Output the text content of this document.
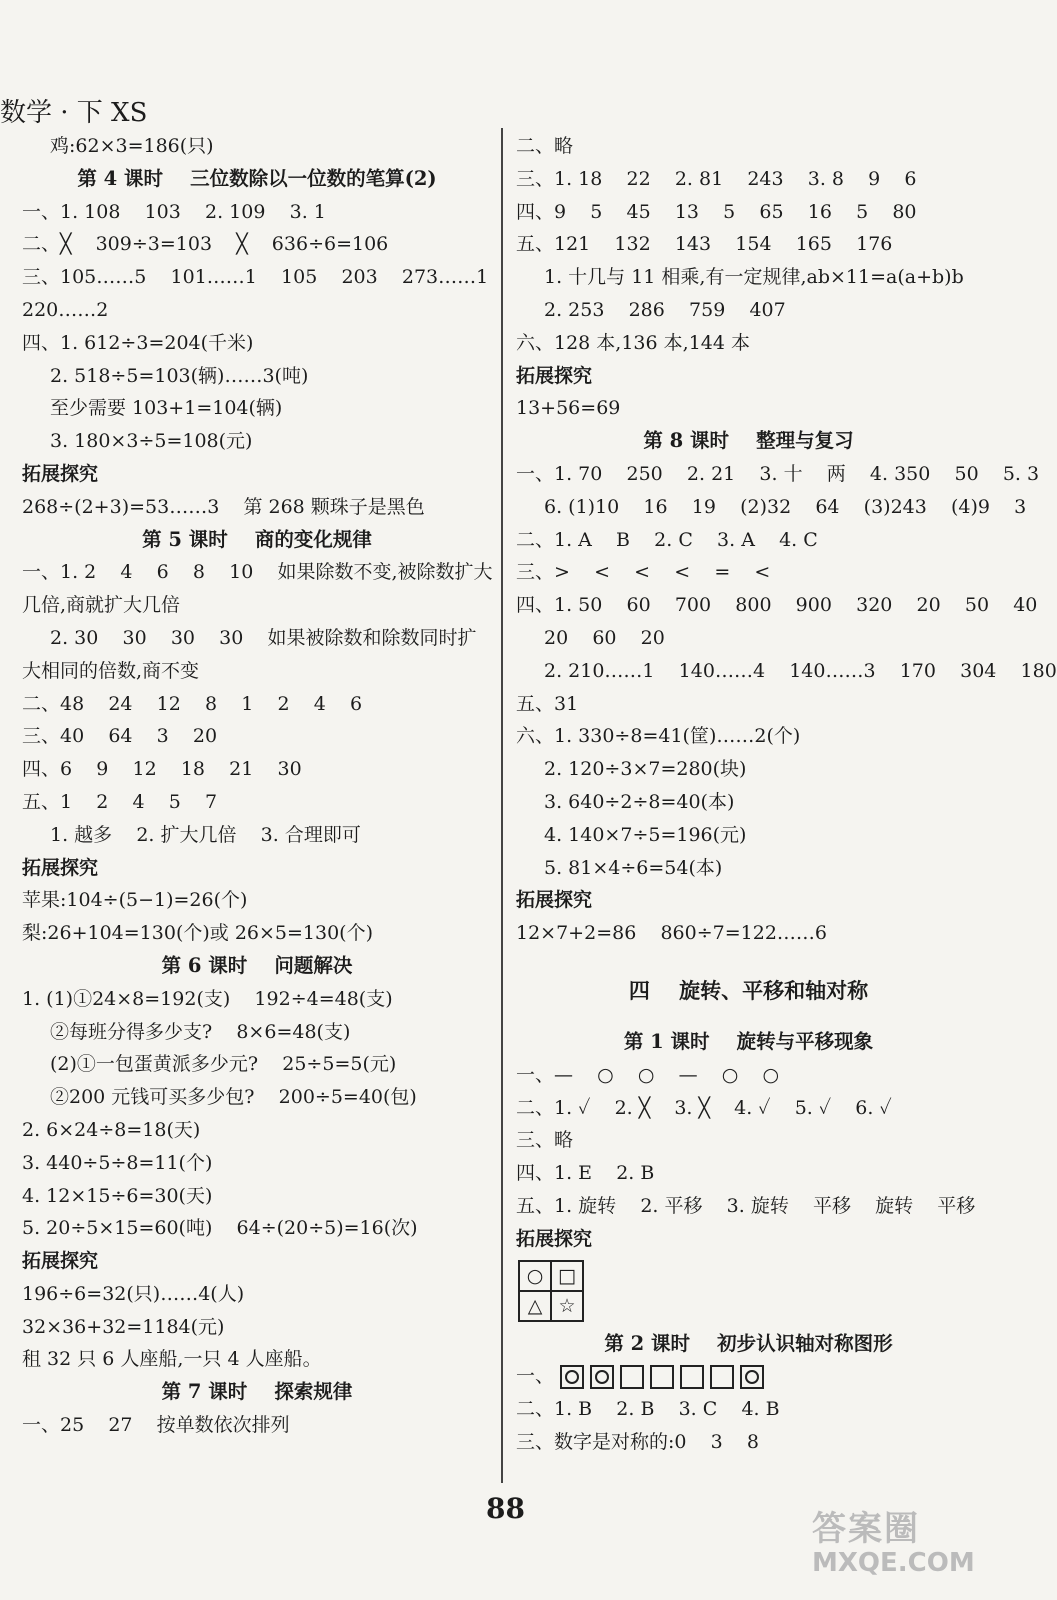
数学 · 下 XS
鸡:62×3=186(只)
第 4 课时    三位数除以一位数的笔算(2)
一、1. 108    103    2. 109    3. 1
二、╳    309÷3=103    ╳    636÷6=106
三、105……5    101……1    105    203    273……1
220……2
四、1. 612÷3=204(千米)
2. 518÷5=103(辆)……3(吨)
至少需要 103+1=104(辆)
3. 180×3÷5=108(元)
拓展探究
268÷(2+3)=53……3    第 268 颗珠子是黑色
第 5 课时    商的变化规律
一、1. 2    4    6    8    10    如果除数不变,被除数扩大
几倍,商就扩大几倍
2. 30    30    30    30    如果被除数和除数同时扩
大相同的倍数,商不变
二、48    24    12    8    1    2    4    6
三、40    64    3    20
四、6    9    12    18    21    30
五、1    2    4    5    7
1. 越多    2. 扩大几倍    3. 合理即可
拓展探究
苹果:104÷(5−1)=26(个)
梨:26+104=130(个)或 26×5=130(个)
第 6 课时    问题解决
1. (1)①24×8=192(支)    192÷4=48(支)
②每班分得多少支?    8×6=48(支)
(2)①一包蛋黄派多少元?    25÷5=5(元)
②200 元钱可买多少包?    200÷5=40(包)
2. 6×24÷8=18(天)
3. 440÷5÷8=11(个)
4. 12×15÷6=30(天)
5. 20÷5×15=60(吨)    64÷(20÷5)=16(次)
拓展探究
196÷6=32(只)……4(人)
32×36+32=1184(元)
租 32 只 6 人座船,一只 4 人座船。
第 7 课时    探索规律
一、25    27    按单数依次排列
二、略
三、1. 18    22    2. 81    243    3. 8    9    6
四、9    5    45    13    5    65    16    5    80
五、121    132    143    154    165    176
1. 十几与 11 相乘,有一定规律,ab×11=a(a+b)b
2. 253    286    759    407
六、128 本,136 本,144 本
拓展探究
13+56=69
第 8 课时    整理与复习
一、1. 70    250    2. 21    3. 十    两    4. 350    50    5. 3
6. (1)10    16    19    (2)32    64    (3)243    (4)9    3
二、1. A    B    2. C    3. A    4. C
三、>    <    <    <    =    <
四、1. 50    60    700    800    900    320    20    50    40
20    60    20
2. 210……1    140……4    140……3    170    304    180
五、31
六、1. 330÷8=41(筐)……2(个)
2. 120÷3×7=280(块)
3. 640÷2÷8=40(本)
4. 140×7÷5=196(元)
5. 81×4÷6=54(本)
拓展探究
12×7+2=86    860÷7=122……6
四    旋转、平移和轴对称
第 1 课时    旋转与平移现象
一、—    ○    ○    —    ○    ○
二、1. ✓    2. ╳    3. ╳    4. ✓    5. ✓    6. ✓
三、略
四、1. E    2. B
五、1. 旋转    2. 平移    3. 旋转    平移    旋转    平移
拓展探究
○	□
△	☆
第 2 课时    初步认识轴对称图形
一、
二、1. B    2. B    3. C    4. B
三、数字是对称的:0    3    8
88
答案圈
MXQE.COM
